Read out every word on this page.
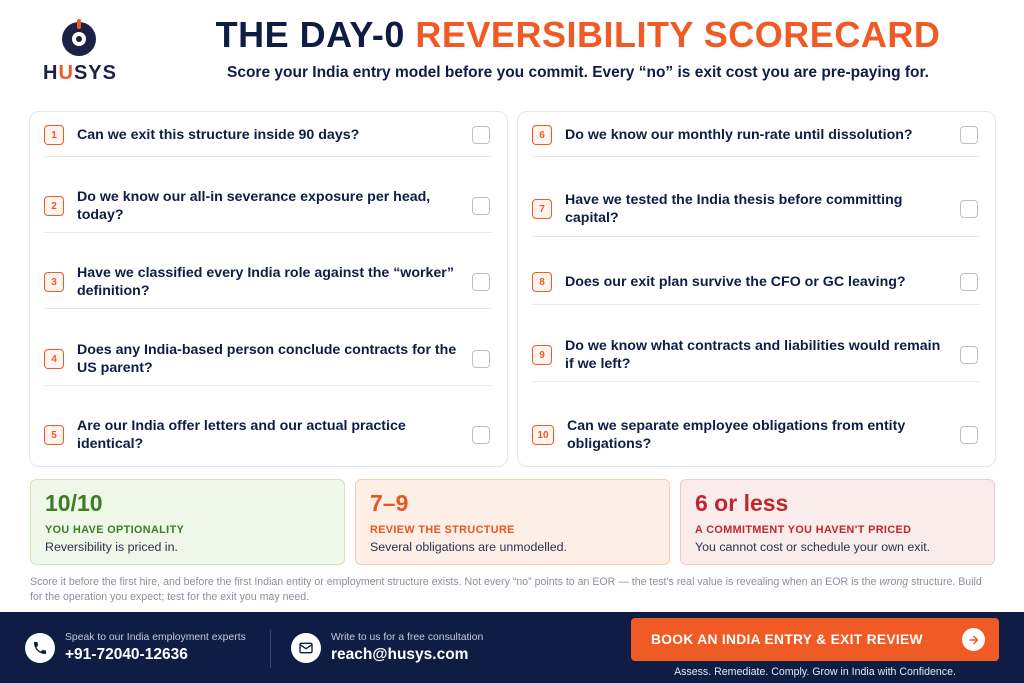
HUSYS
THE DAY-0 REVERSIBILITY SCORECARD
Score your India entry model before you commit. Every “no” is exit cost you are pre-paying for.
1	Can we exit this structure inside 90 days?
2
Do we know our all-in severance exposure per head, today?
3
Have we classified every India role against the “worker” definition?
4
Does any India-based person conclude contracts for the US parent?
5
Are our India offer letters and our actual practice identical?
6	Do we know our monthly run-rate until dissolution?
7
Have we tested the India thesis before committing capital?
8	Does our exit plan survive the CFO or GC leaving?
9
Do we know what contracts and liabilities would remain if we left?
10
Can we separate employee obligations from entity obligations?
10/10
YOU HAVE OPTIONALITY
Reversibility is priced in.
7–9
REVIEW THE STRUCTURE
Several obligations are unmodelled.
6 or less
A COMMITMENT YOU HAVEN'T PRICED
You cannot cost or schedule your own exit.
Score it before the first hire, and before the first Indian entity or employment structure exists. Not every “no” points to an EOR — the test's real value is revealing when an EOR is the wrong structure. Build for the operation you expect; test for the exit you may need.
Speak to our India employment experts
+91-72040-12636
Write to us for a free consultation
reach@husys.com
BOOK AN INDIA ENTRY & EXIT REVIEW
Assess. Remediate. Comply. Grow in India with Confidence.
